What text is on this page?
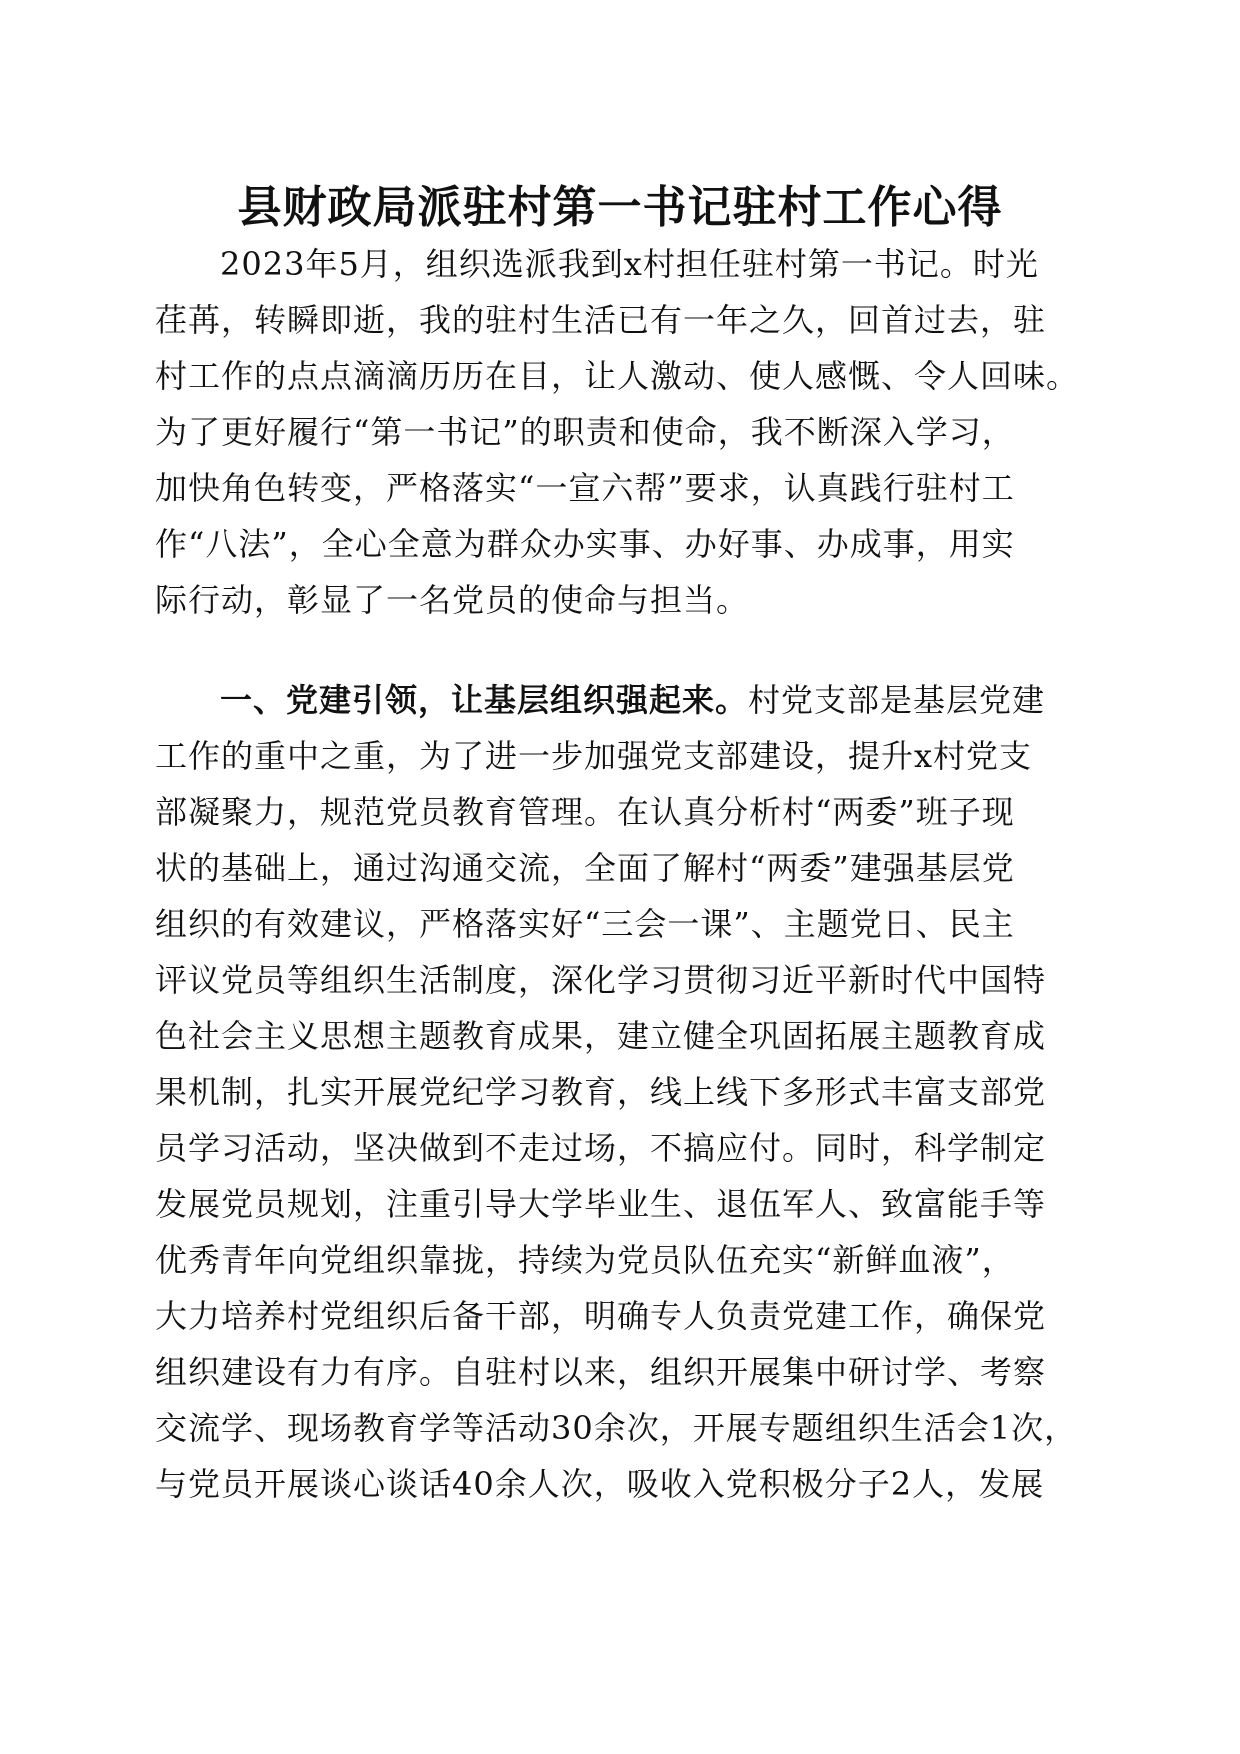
县财政局派驻村第一书记驻村工作心得
2023年5月，组织选派我到x村担任驻村第一书记。时光
荏苒，转瞬即逝，我的驻村生活已有一年之久，回首过去，驻
村工作的点点滴滴历历在目，让人激动、使人感慨、令人回味。
为了更好履行“第一书记”的职责和使命，我不断深入学习，
加快角色转变，严格落实“一宣六帮”要求，认真践行驻村工
作“八法”，全心全意为群众办实事、办好事、办成事，用实
际行动，彰显了一名党员的使命与担当。
一、党建引领，让基层组织强起来。村党支部是基层党建
工作的重中之重，为了进一步加强党支部建设，提升x村党支
部凝聚力，规范党员教育管理。在认真分析村“两委”班子现
状的基础上，通过沟通交流，全面了解村“两委”建强基层党
组织的有效建议，严格落实好“三会一课”、主题党日、民主
评议党员等组织生活制度，深化学习贯彻习近平新时代中国特
色社会主义思想主题教育成果，建立健全巩固拓展主题教育成
果机制，扎实开展党纪学习教育，线上线下多形式丰富支部党
员学习活动，坚决做到不走过场，不搞应付。同时，科学制定
发展党员规划，注重引导大学毕业生、退伍军人、致富能手等
优秀青年向党组织靠拢，持续为党员队伍充实“新鲜血液”，
大力培养村党组织后备干部，明确专人负责党建工作，确保党
组织建设有力有序。自驻村以来，组织开展集中研讨学、考察
交流学、现场教育学等活动30余次，开展专题组织生活会1次，
与党员开展谈心谈话40余人次，吸收入党积极分子2人，发展
